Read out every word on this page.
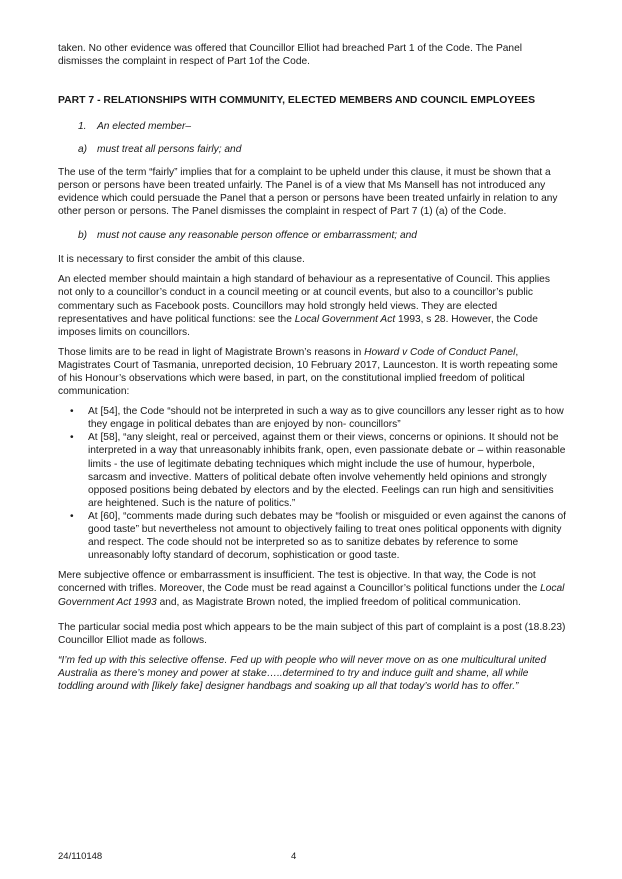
taken. No other evidence was offered that Councillor Elliot had breached Part 1 of the Code. The Panel dismisses the complaint in respect of Part 1of the Code.

PART 7 - RELATIONSHIPS WITH COMMUNITY, ELECTED MEMBERS AND COUNCIL EMPLOYEES

1. An elected member–

a) must treat all persons fairly; and

The use of the term “fairly” implies that for a complaint to be upheld under this clause, it must be shown that a person or persons have been treated unfairly. The Panel is of a view that Ms Mansell has not introduced any evidence which could persuade the Panel that a person or persons have been treated unfairly in relation to any other person or persons. The Panel dismisses the complaint in respect of Part 7 (1) (a) of the Code.

b) must not cause any reasonable person offence or embarrassment; and

It is necessary to first consider the ambit of this clause.

An elected member should maintain a high standard of behaviour as a representative of Council. This applies not only to a councillor’s conduct in a council meeting or at council events, but also to a councillor’s public commentary such as Facebook posts. Councillors may hold strongly held views. They are elected representatives and have political functions: see the Local Government Act 1993, s 28. However, the Code imposes limits on councillors.

Those limits are to be read in light of Magistrate Brown’s reasons in Howard v Code of Conduct Panel, Magistrates Court of Tasmania, unreported decision, 10 February 2017, Launceston. It is worth repeating some of his Honour’s observations which were based, in part, on the constitutional implied freedom of political communication:

• At [54], the Code “should not be interpreted in such a way as to give councillors any lesser right as to how they engage in political debates than are enjoyed by non- councillors”
• At [58], “any sleight, real or perceived, against them or their views, concerns or opinions. It should not be interpreted in a way that unreasonably inhibits frank, open, even passionate debate or – within reasonable limits - the use of legitimate debating techniques which might include the use of humour, hyperbole, sarcasm and invective. Matters of political debate often involve vehemently held opinions and strongly opposed positions being debated by electors and by the elected. Feelings can run high and sensitivities are heightened. Such is the nature of politics.”
• At [60], “comments made during such debates may be “foolish or misguided or even against the canons of good taste” but nevertheless not amount to objectively failing to treat ones political opponents with dignity and respect. The code should not be interpreted so as to sanitize debates by reference to some unreasonably lofty standard of decorum, sophistication or good taste.

Mere subjective offence or embarrassment is insufficient. The test is objective. In that way, the Code is not concerned with trifles. Moreover, the Code must be read against a Councillor’s political functions under the Local Government Act 1993 and, as Magistrate Brown noted, the implied freedom of political communication.

The particular social media post which appears to be the main subject of this part of complaint is a post (18.8.23) Councillor Elliot made as follows.

“I’m fed up with this selective offense. Fed up with people who will never move on as one multicultural united Australia as there’s money and power at stake…..determined to try and induce guilt and shame, all while toddling around with [likely fake] designer handbags and soaking up all that today’s world has to offer.”

24/110148	4
